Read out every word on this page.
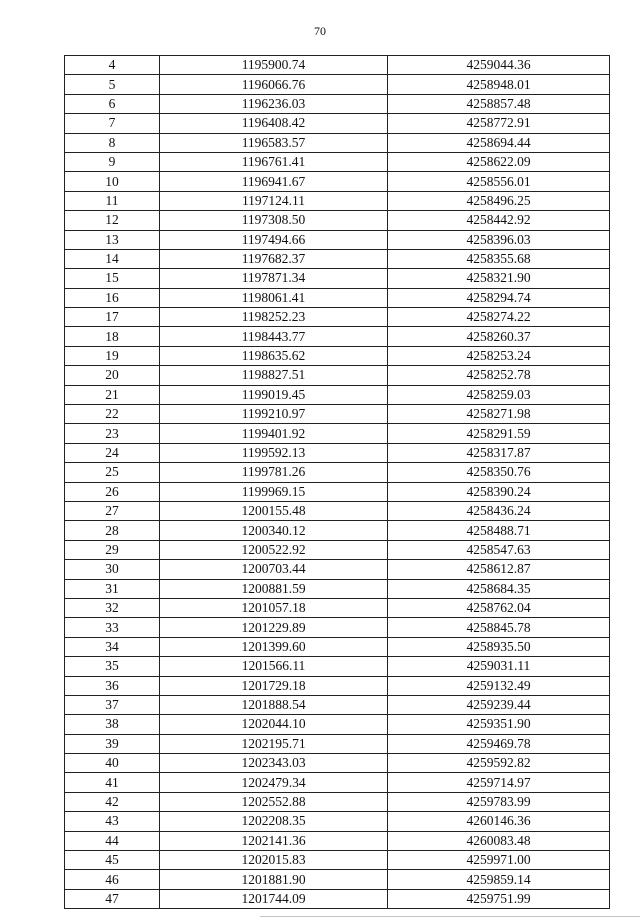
70
4	1195900.74	4259044.36
5	1196066.76	4258948.01
6	1196236.03	4258857.48
7	1196408.42	4258772.91
8	1196583.57	4258694.44
9	1196761.41	4258622.09
10	1196941.67	4258556.01
11	1197124.11	4258496.25
12	1197308.50	4258442.92
13	1197494.66	4258396.03
14	1197682.37	4258355.68
15	1197871.34	4258321.90
16	1198061.41	4258294.74
17	1198252.23	4258274.22
18	1198443.77	4258260.37
19	1198635.62	4258253.24
20	1198827.51	4258252.78
21	1199019.45	4258259.03
22	1199210.97	4258271.98
23	1199401.92	4258291.59
24	1199592.13	4258317.87
25	1199781.26	4258350.76
26	1199969.15	4258390.24
27	1200155.48	4258436.24
28	1200340.12	4258488.71
29	1200522.92	4258547.63
30	1200703.44	4258612.87
31	1200881.59	4258684.35
32	1201057.18	4258762.04
33	1201229.89	4258845.78
34	1201399.60	4258935.50
35	1201566.11	4259031.11
36	1201729.18	4259132.49
37	1201888.54	4259239.44
38	1202044.10	4259351.90
39	1202195.71	4259469.78
40	1202343.03	4259592.82
41	1202479.34	4259714.97
42	1202552.88	4259783.99
43	1202208.35	4260146.36
44	1202141.36	4260083.48
45	1202015.83	4259971.00
46	1201881.90	4259859.14
47	1201744.09	4259751.99
